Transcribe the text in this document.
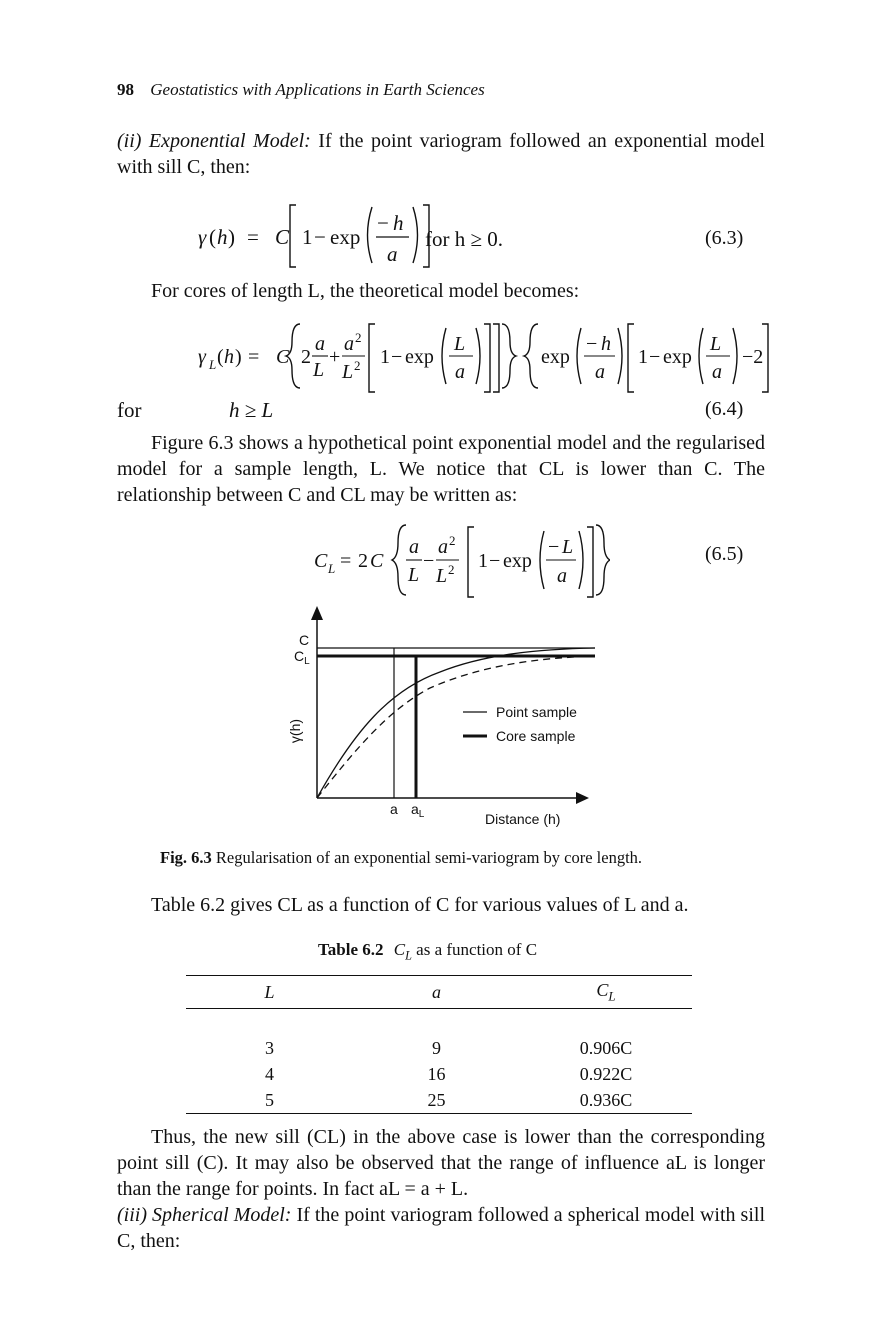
98 Geostatistics with Applications in Earth Sciences
(ii) Exponential Model: If the point variogram followed an exponential model with sill C, then:
γ ( h ) = C 1 − exp
− h
a
for h ≥ 0.	(6.3)
For cores of length L, the theoretical model becomes:
γ L ( h ) = C 2
a
L
+
a 2
L 2 1 − exp
L
a
exp
− h
a
1 − exp
L
a
−2
for	h ≥ L	(6.4)
Figure 6.3 shows a hypothetical point exponential model and the regularised model for a sample length, L. We notice that CL is lower than C. The relationship between C and CL may be written as:
C L = 2 C
a
L
−
a 2
L 2 1 − exp
− L
a
(6.5)
C
$C_L$
a $a_L$	Distance (h)
γ(h)
Point sample
Core sample
Fig. 6.3 Regularisation of an exponential semi-variogram by core length.
Table 6.2 gives CL as a function of C for various values of L and a.
Table 6.2 $C_L$ as a function of C
L	a	$C_L$

3	9	0.906C
4	16	0.922C
5	25	0.936C
Thus, the new sill (CL) in the above case is lower than the corresponding point sill (C). It may also be observed that the range of influence aL is longer than the range for points. In fact aL = a + L.
(iii) Spherical Model: If the point variogram followed a spherical model with sill C, then:
